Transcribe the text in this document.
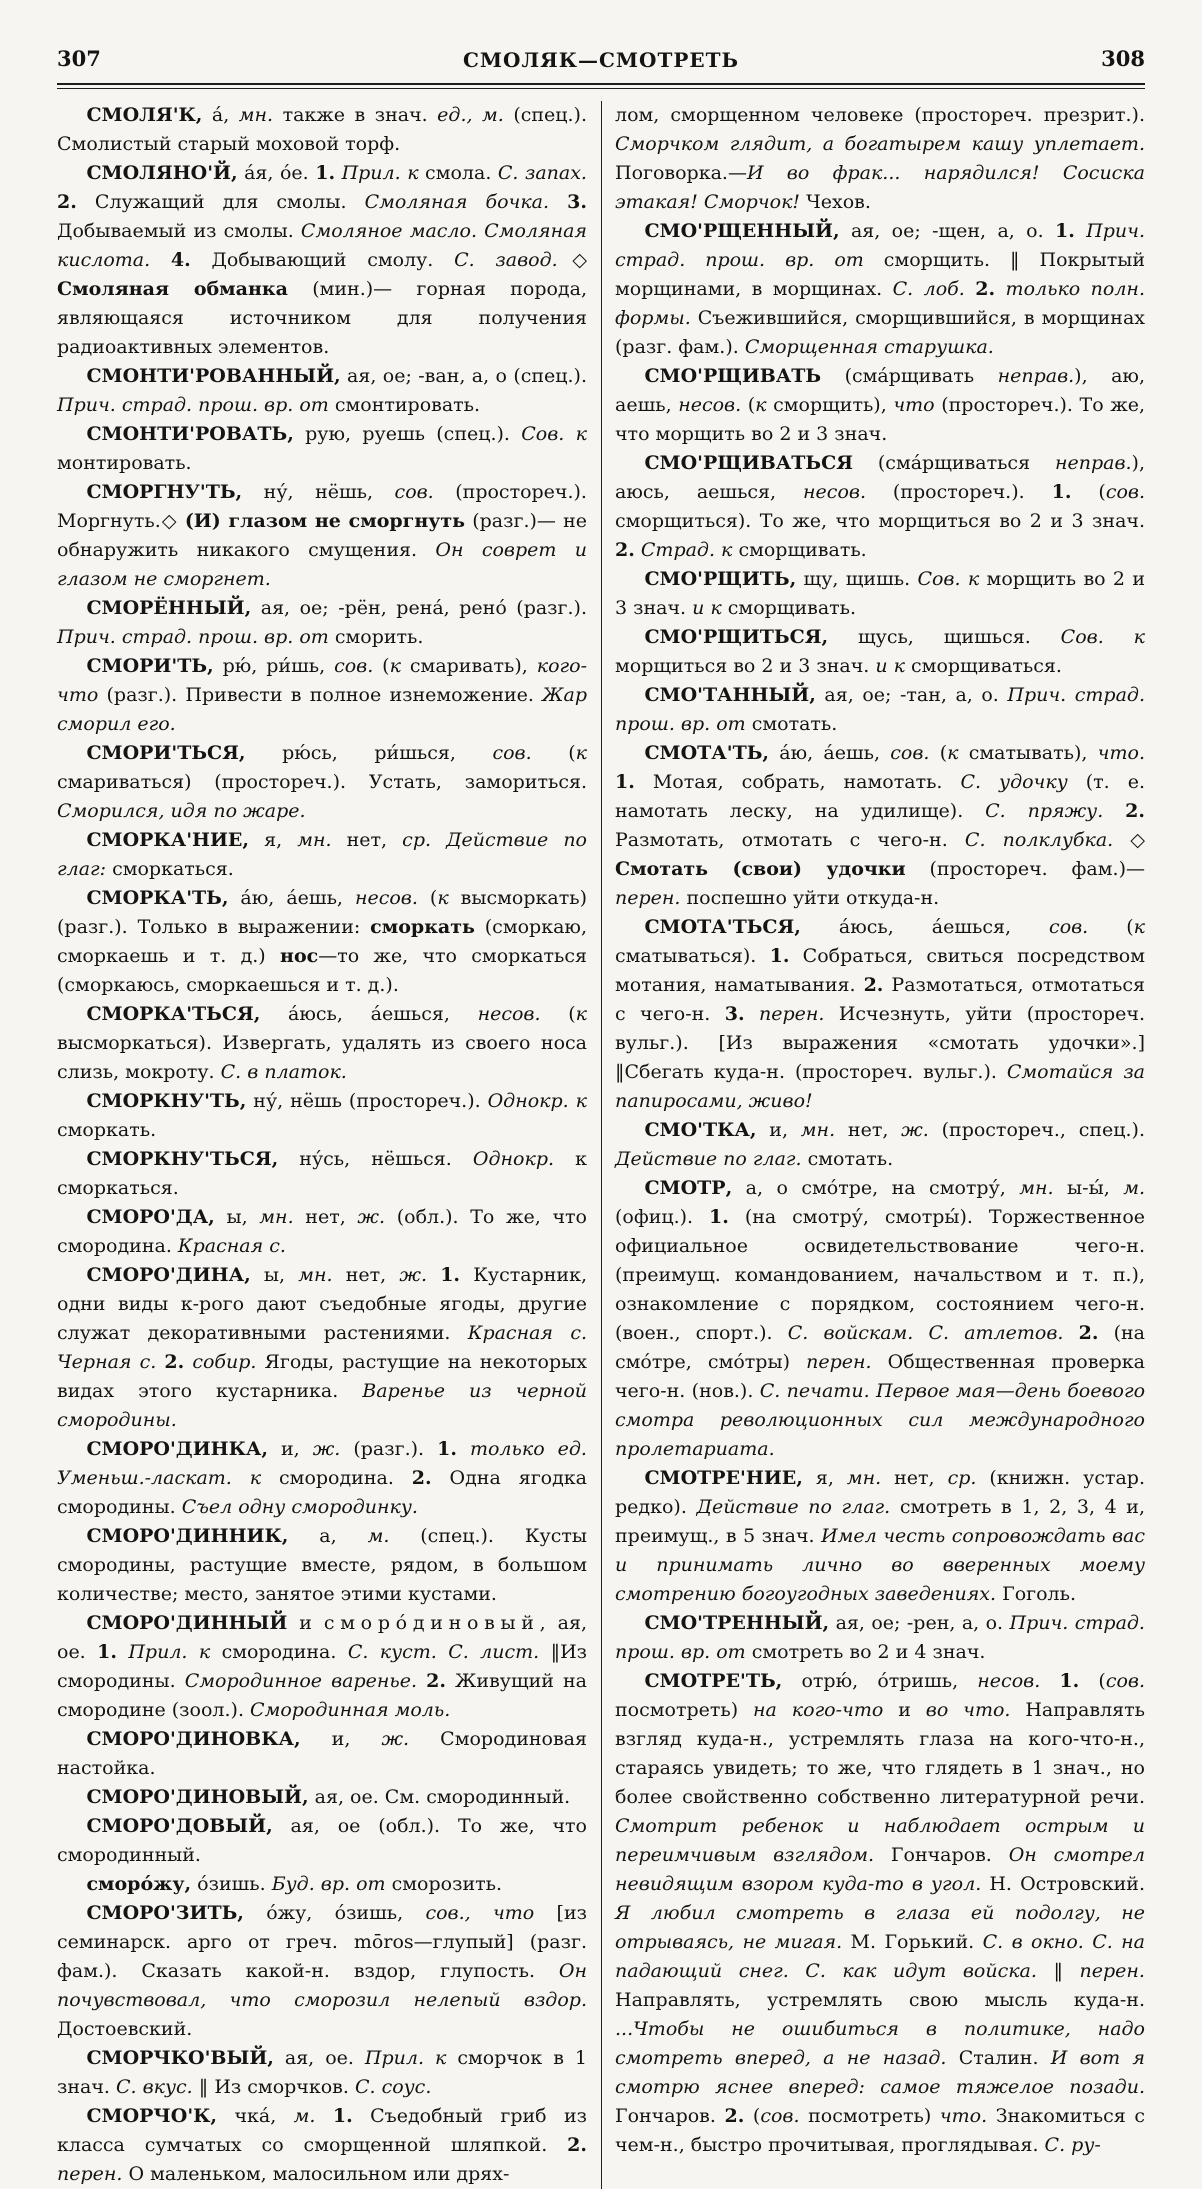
307	СМОЛЯК—СМОТРЕТЬ	308

СМОЛЯ'К, а́, мн. также в знач. ед., м. (спец.). Смолистый старый моховой торф.

СМОЛЯНО'Й, а́я, о́е. 1. Прил. к смола. С. запах. 2. Служащий для смолы. Смоляная бочка. 3. Добываемый из смолы. Смоляное масло. Смоляная кислота. 4. Добывающий смолу. С. завод.◇ Смоляная обманка (мин.)— горная порода, являющаяся источником для получения радиоактивных элементов.

СМОНТИ'РОВАННЫЙ, ая, ое; -ван, а, о (спец.). Прич. страд. прош. вр. от смонтировать.

СМОНТИ'РОВАТЬ, рую, руешь (спец.). Сов. к монтировать.

СМОРГНУ'ТЬ, ну́, нёшь, сов. (простореч.). Моргнуть.◇ (И) глазом не сморгнуть (разг.)— не обнаружить никакого смущения. Он соврет и глазом не сморгнет.

СМОРЁННЫЙ, ая, ое; -рён, рена́, рено́ (разг.). Прич. страд. прош. вр. от сморить.

СМОРИ'ТЬ, рю́, ри́шь, сов. (к смаривать), кого-что (разг.). Привести в полное изнеможение. Жар сморил его.

СМОРИ'ТЬСЯ, рю́сь, ри́шься, сов. (к смариваться) (простореч.). Устать, замориться. Сморился, идя по жаре.

СМОРКА'НИЕ, я, мн. нет, ср. Действие по глаг: сморкаться.

СМОРКА'ТЬ, а́ю, а́ешь, несов. (к высморкать) (разг.). Только в выражении: сморкать (сморкаю, сморкаешь и т. д.) нос—то же, что сморкаться (сморкаюсь, сморкаешься и т. д.).

СМОРКА'ТЬСЯ, а́юсь, а́ешься, несов. (к высморкаться). Извергать, удалять из своего носа слизь, мокроту. С. в платок.

СМОРКНУ'ТЬ, ну́, нёшь (простореч.). Однокр. к сморкать.

СМОРКНУ'ТЬСЯ, ну́сь, нёшься. Однокр. к сморкаться.

СМОРО'ДА, ы, мн. нет, ж. (обл.). То же, что смородина. Красная с.

СМОРО'ДИНА, ы, мн. нет, ж. 1. Кустарник, одни виды к-рого дают съедобные ягоды, другие служат декоративными растениями. Красная с. Черная с. 2. собир. Ягоды, растущие на некоторых видах этого кустарника. Варенье из черной смородины.

СМОРО'ДИНКА, и, ж. (разг.). 1. только ед. Уменьш.-ласкат. к смородина. 2. Одна ягодка смородины. Съел одну смородинку.

СМОРО'ДИННИК, а, м. (спец.). Кусты смородины, растущие вместе, рядом, в большом количестве; место, занятое этими кустами.

СМОРО'ДИННЫЙ и сморо́диновый, ая, ое. 1. Прил. к смородина. С. куст. С. лист. ‖Из смородины. Смородинное варенье. 2. Живущий на смородине (зоол.). Смородинная моль.

СМОРО'ДИНОВКА, и, ж. Смородиновая настойка.

СМОРО'ДИНОВЫЙ, ая, ое. См. смородинный.

СМОРО'ДОВЫЙ, ая, ое (обл.). То же, что смородинный.

сморо́жу, о́зишь. Буд. вр. от сморозить.

СМОРО'ЗИТЬ, о́жу, о́зишь, сов., что [из семинарск. арго от греч. mōros—глупый] (разг. фам.). Сказать какой-н. вздор, глупость. Он почувствовал, что сморозил нелепый вздор. Достоевский.

СМОРЧКО'ВЫЙ, ая, ое. Прил. к сморчок в 1 знач. С. вкус. ‖ Из сморчков. С. соус.

СМОРЧО'К, чка́, м. 1. Съедобный гриб из класса сумчатых со сморщенной шляпкой. 2. перен. О маленьком, малосильном или дрях-

лом, сморщенном человеке (простореч. презрит.). Сморчком глядит, а богатырем кашу уплетает. Поговорка.—И во фрак... нарядился! Сосиска этакая! Сморчок! Чехов.

СМО'РЩЕННЫЙ, ая, ое; -щен, а, о. 1. Прич. страд. прош. вр. от сморщить. ‖ Покрытый морщинами, в морщинах. С. лоб. 2. только полн. формы. Съежившийся, сморщившийся, в морщинах (разг. фам.). Сморщенная старушка.

СМО'РЩИВАТЬ (сма́рщивать неправ.), аю, аешь, несов. (к сморщить), что (простореч.). То же, что морщить во 2 и 3 знач.

СМО'РЩИВАТЬСЯ (сма́рщиваться неправ.), аюсь, аешься, несов. (простореч.). 1. (сов. сморщиться). То же, что морщиться во 2 и 3 знач. 2. Страд. к сморщивать.

СМО'РЩИТЬ, щу, щишь. Сов. к морщить во 2 и 3 знач. и к сморщивать.

СМО'РЩИТЬСЯ, щусь, щишься. Сов. к морщиться во 2 и 3 знач. и к сморщиваться.

СМО'ТАННЫЙ, ая, ое; -тан, а, о. Прич. страд. прош. вр. от смотать.

СМОТА'ТЬ, а́ю, а́ешь, сов. (к сматывать), что. 1. Мотая, собрать, намотать. С. удочку (т. е. намотать леску, на удилище). С. пряжу. 2. Размотать, отмотать с чего-н. С. полклубка. ◇ Смотать (свои) удочки (простореч. фам.)— перен. поспешно уйти откуда-н.

СМОТА'ТЬСЯ, а́юсь, а́ешься, сов. (к сматываться). 1. Собраться, свиться посредством мотания, наматывания. 2. Размотаться, отмотаться с чего-н. 3. перен. Исчезнуть, уйти (простореч. вульг.). [Из выражения «смотать удочки».] ‖Сбегать куда-н. (простореч. вульг.). Смотайся за папиросами, живо!

СМО'ТКА, и, мн. нет, ж. (простореч., спец.). Действие по глаг. смотать.

СМОТР, а, о смо́тре, на смотру́, мн. ы-ы́, м. (офиц.). 1. (на смотру́, смотры́). Торжественное официальное освидетельствование чего-н. (преимущ. командованием, начальством и т. п.), ознакомление с порядком, состоянием чего-н. (воен., спорт.). С. войскам. С. атлетов. 2. (на смо́тре, смо́тры) перен. Общественная проверка чего-н. (нов.). С. печати. Первое мая—день боевого смотра революционных сил международного пролетариата.

СМОТРЕ'НИЕ, я, мн. нет, ср. (книжн. устар. редко). Действие по глаг. смотреть в 1, 2, 3, 4 и, преимущ., в 5 знач. Имел честь сопровождать вас и принимать лично во вверенных моему смотрению богоугодных заведениях. Гоголь.

СМО'ТРЕННЫЙ, ая, ое; -рен, а, о. Прич. страд. прош. вр. от смотреть во 2 и 4 знач.

СМОТРЕ'ТЬ, отрю́, о́тришь, несов. 1. (сов. посмотреть) на кого-что и во что. Направлять взгляд куда-н., устремлять глаза на кого-что-н., стараясь увидеть; то же, что глядеть в 1 знач., но более свойственно собственно литературной речи. Смотрит ребенок и наблюдает острым и переимчивым взглядом. Гончаров. Он смотрел невидящим взором куда-то в угол. Н. Островский. Я любил смотреть в глаза ей подолгу, не отрываясь, не мигая. М. Горький. С. в окно. С. на падающий снег. С. как идут войска. ‖ перен. Направлять, устремлять свою мысль куда-н. ...Чтобы не ошибиться в политике, надо смотреть вперед, а не назад. Сталин. И вот я смотрю яснее вперед: самое тяжелое позади. Гончаров. 2. (сов. посмотреть) что. Знакомиться с чем-н., быстро прочитывая, проглядывая. С. ру-
